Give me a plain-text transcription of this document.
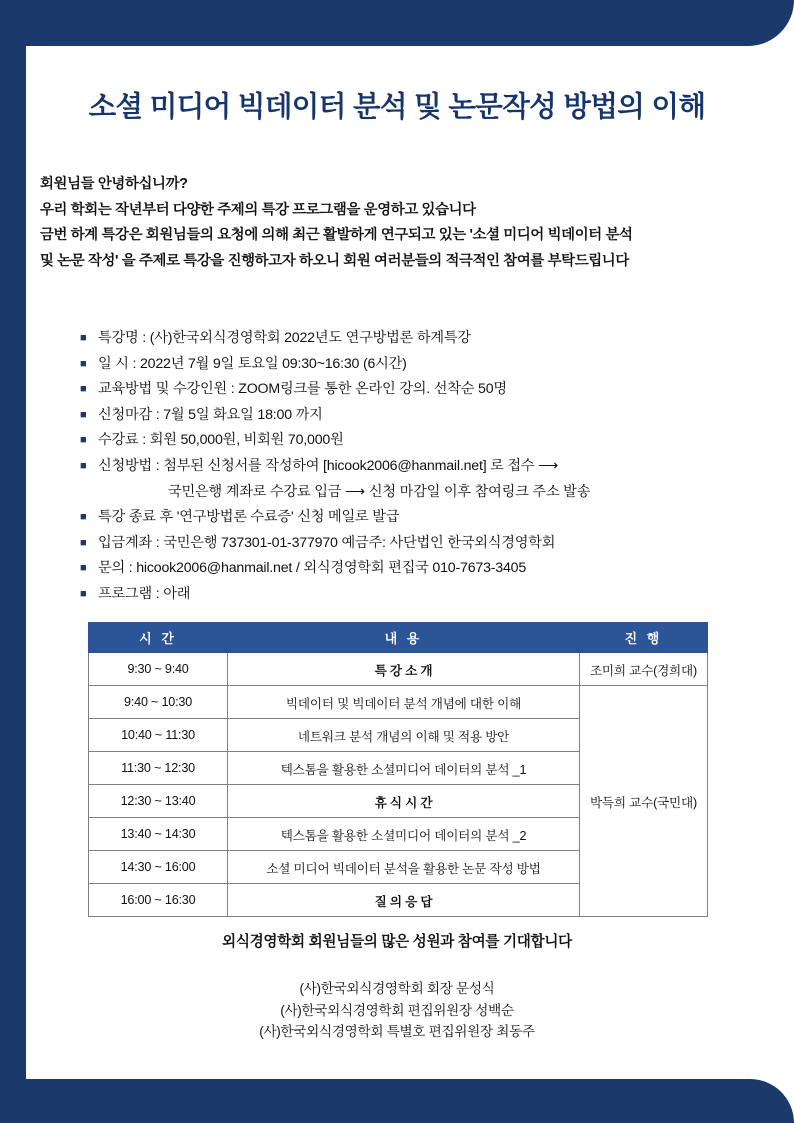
소셜 미디어 빅데이터 분석 및 논문작성 방법의 이해

회원님들 안녕하십니까?

우리 학회는 작년부터 다양한 주제의 특강 프로그램을 운영하고 있습니다

금번 하계 특강은 회원님들의 요청에 의해 최근 활발하게 연구되고 있는 '소셜 미디어 빅데이터 분석

및 논문 작성' 을 주제로 특강을 진행하고자 하오니 회원 여러분들의 적극적인 참여를 부탁드립니다

■ 특강명 : (사)한국외식경영학회 2022년도 연구방법론 하계특강
■ 일 시 : 2022년 7월 9일 토요일 09:30~16:30 (6시간)
■ 교육방법 및 수강인원 : ZOOM링크를 통한 온라인 강의. 선착순 50명
■ 신청마감 : 7월 5일 화요일 18:00 까지
■ 수강료 : 회원 50,000원, 비회원 70,000원
■ 신청방법 : 첨부된 신청서를 작성하여 [hicook2006@hanmail.net] 로 접수 ⟶
국민은행 계좌로 수강료 입금 ⟶ 신청 마감일 이후 참여링크 주소 발송
■ 특강 종료 후 '연구방법론 수료증' 신청 메일로 발급
■ 입금계좌 : 국민은행 737301-01-377970 예금주: 사단법인 한국외식경영학회
■ 문의 : hicook2006@hanmail.net / 외식경영학회 편집국 010-7673-3405
■ 프로그램 : 아래
시 간	내 용	진 행
9:30 ~ 9:40	특 강 소 개	조미희 교수(경희대)
9:40 ~ 10:30	빅데이터 및 빅데이터 분석 개념에 대한 이해	박득희 교수(국민대)
10:40 ~ 11:30	네트워크 분석 개념의 이해 및 적용 방안	
11:30 ~ 12:30	텍스톰을 활용한 소셜미디어 데이터의 분석 _1	
12:30 ~ 13:40	휴 식 시 간	
13:40 ~ 14:30	텍스톰을 활용한 소셜미디어 데이터의 분석 _2	
14:30 ~ 16:00	소셜 미디어 빅데이터 분석을 활용한 논문 작성 방법	
16:00 ~ 16:30	질 의 응 답	
외식경영학회 회원님들의 많은 성원과 참여를 기대합니다
(사)한국외식경영학회 회장 문성식
(사)한국외식경영학회 편집위원장 성백순
(사)한국외식경영학회 특별호 편집위원장 최동주
